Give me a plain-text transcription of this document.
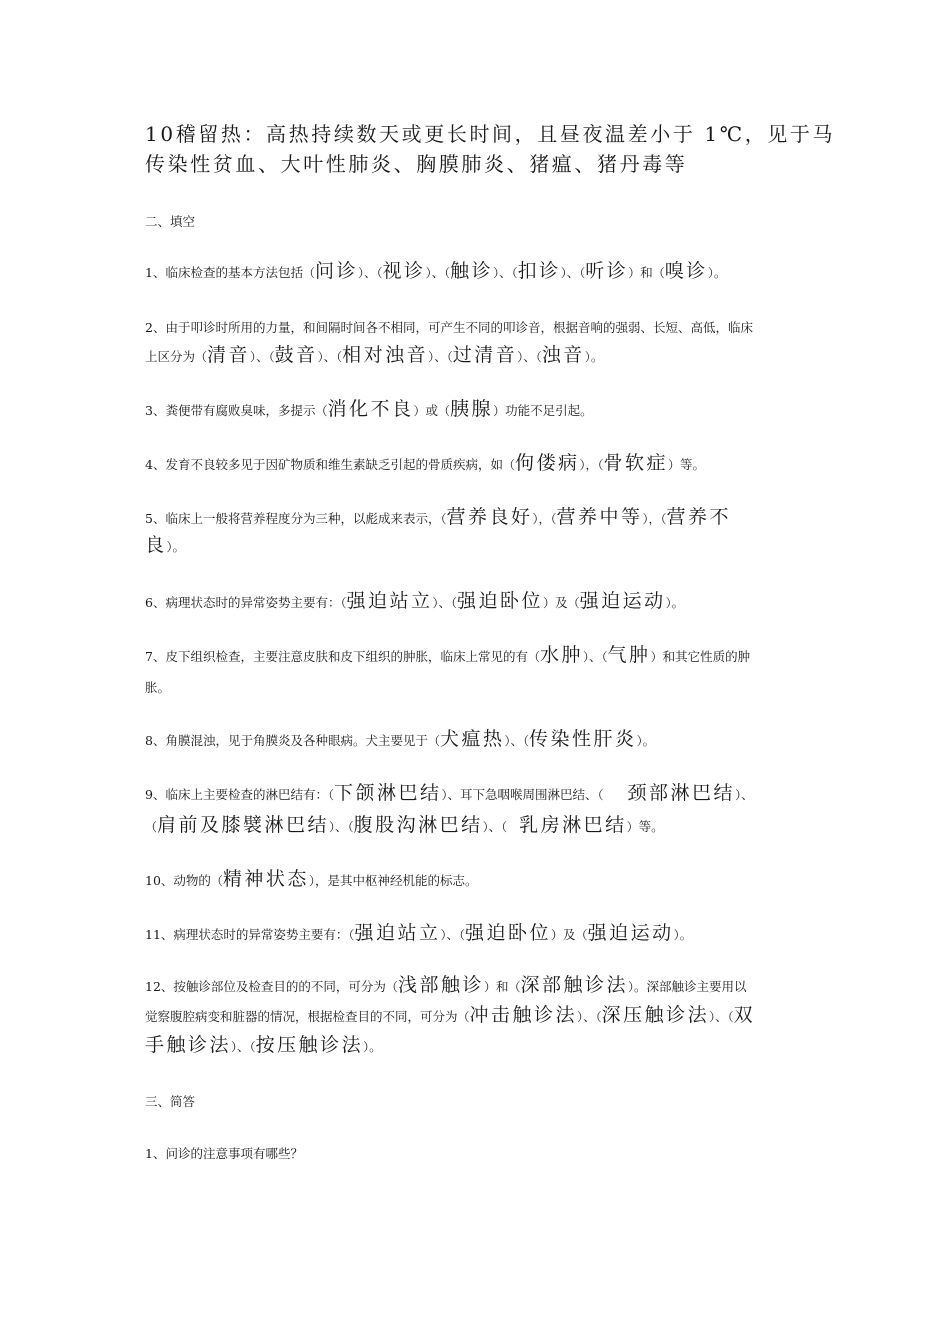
10稽留热：高热持续数天或更长时间，且昼夜温差小于 1℃，见于马
传染性贫血、大叶性肺炎、胸膜肺炎、猪瘟、猪丹毒等
二、填空
1、临床检查的基本方法包括（问诊）、（视诊）、（触诊）、（扣诊）、（听诊）和（嗅诊）。
2、由于叩诊时所用的力量，和间隔时间各不相同，可产生不同的叩诊音，根据音响的强弱、长短、高低，临床
上区分为（清音）、（鼓音）、（相对浊音）、（过清音）、（浊音）。
3、粪便带有腐败臭味，多提示（消化不良）或（胰腺）功能不足引起。
4、发育不良较多见于因矿物质和维生素缺乏引起的骨质疾病，如（佝偻病），（骨软症）等。
5、临床上一般将营养程度分为三种，以彪成来表示，（营养良好），（营养中等），（营养不
良）。
6、病理状态时的异常姿势主要有：（强迫站立）、（强迫卧位）及（强迫运动）。
7、皮下组织检查，主要注意皮肤和皮下组织的肿胀，临床上常见的有（水肿）、（气肿）和其它性质的肿
胀。
8、角膜混浊，见于角膜炎及各种眼病。犬主要见于（犬瘟热）、（传染性肝炎）。
9、临床上主要检查的淋巴结有：（下颌淋巴结）、耳下急咽喉周围淋巴结、（　　颈部淋巴结）、
（肩前及膝襞淋巴结）、（腹股沟淋巴结）、（　乳房淋巴结）等。
10、动物的（精神状态），是其中枢神经机能的标志。
11、病理状态时的异常姿势主要有：（强迫站立）、（强迫卧位）及（强迫运动）。
12、按触诊部位及检查目的的不同，可分为（浅部触诊）和（深部触诊法）。深部触诊主要用以
觉察腹腔病变和脏器的情况，根据检查目的不同，可分为（冲击触诊法）、（深压触诊法）、（双
手触诊法）、（按压触诊法）。
三、简答
1、问诊的注意事项有哪些？
